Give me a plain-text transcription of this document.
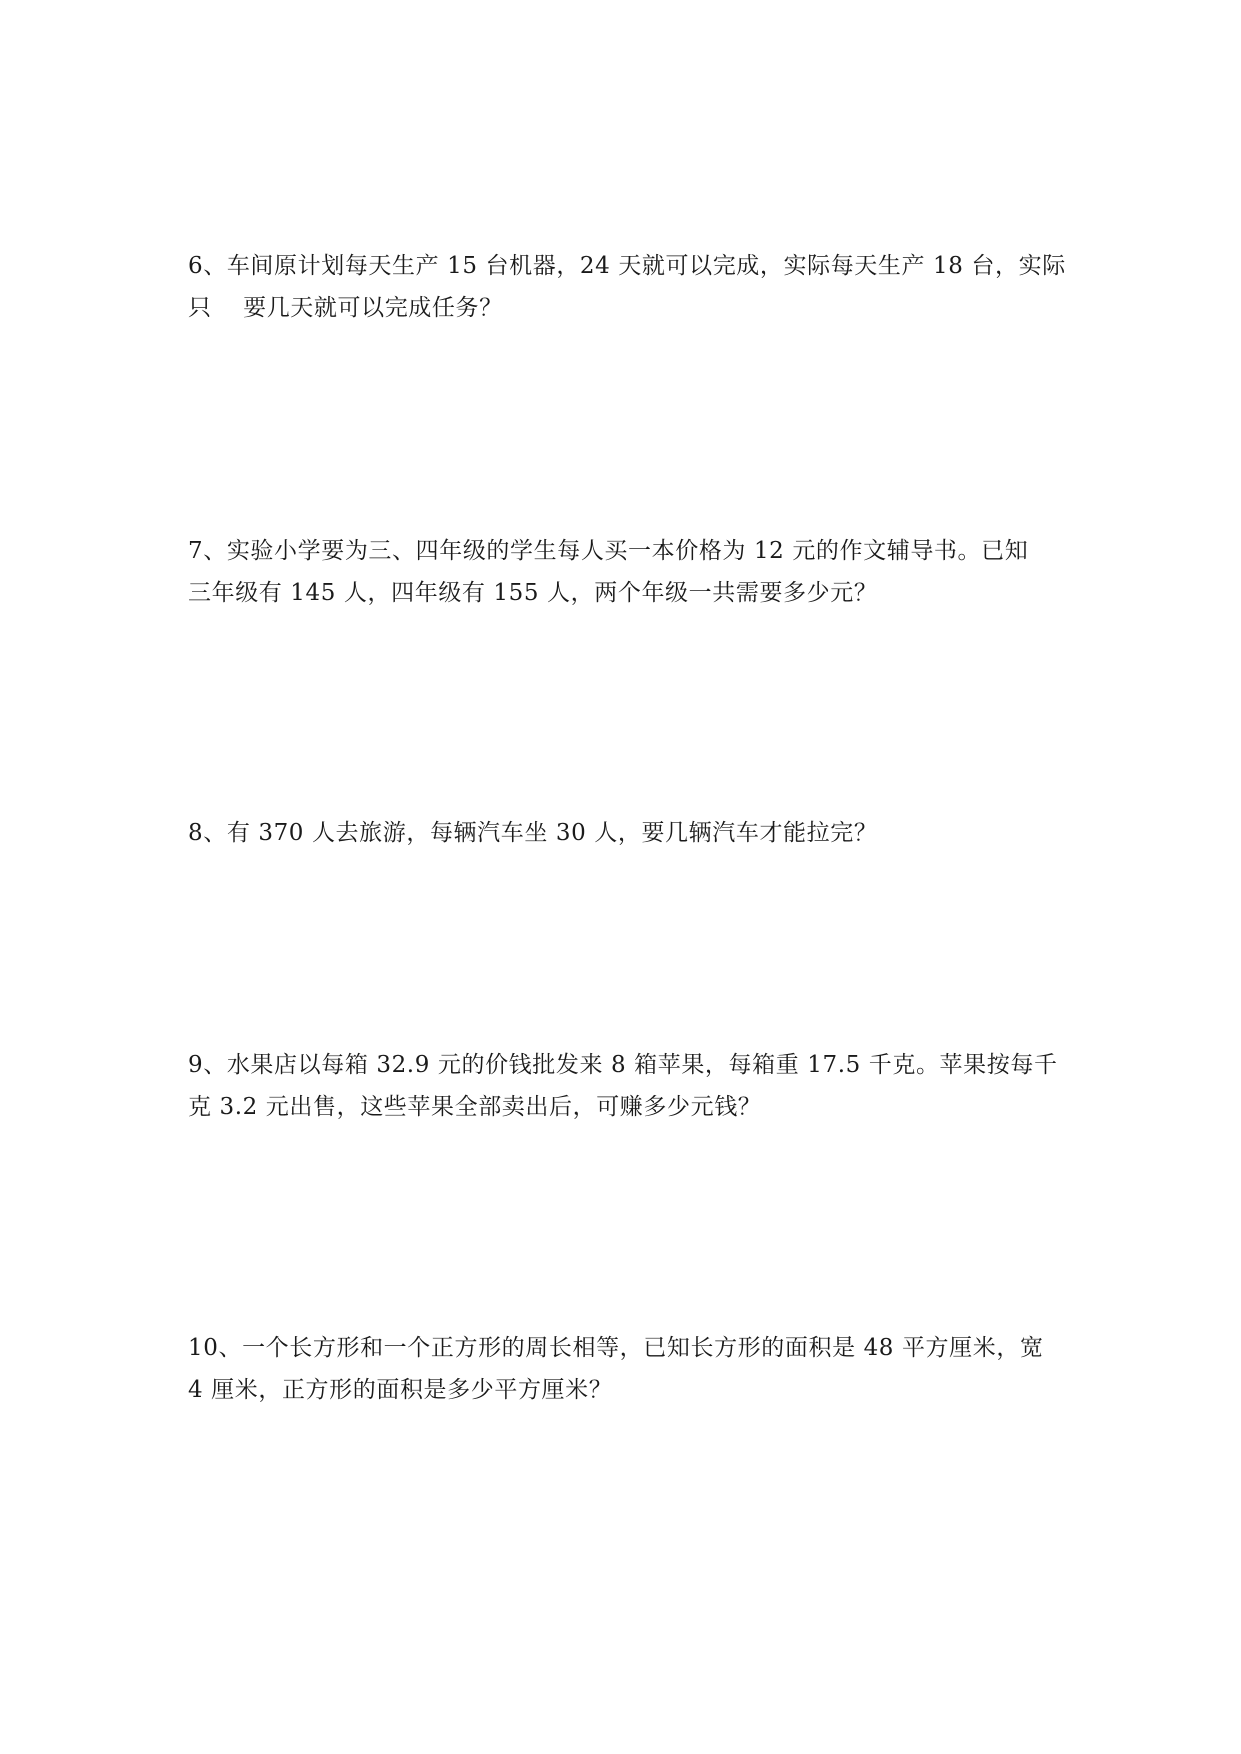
6、车间原计划每天生产 15 台机器，24 天就可以完成，实际每天生产 18 台，实际
只　 要几天就可以完成任务？
7、实验小学要为三、四年级的学生每人买一本价格为 12 元的作文辅导书。已知
三年级有 145 人，四年级有 155 人，两个年级一共需要多少元？
8、有 370 人去旅游，每辆汽车坐 30 人，要几辆汽车才能拉完？
9、水果店以每箱 32.9 元的价钱批发来 8 箱苹果，每箱重 17.5 千克。苹果按每千
克 3.2 元出售，这些苹果全部卖出后，可赚多少元钱？
10、一个长方形和一个正方形的周长相等，已知长方形的面积是 48 平方厘米，宽
4 厘米，正方形的面积是多少平方厘米？
